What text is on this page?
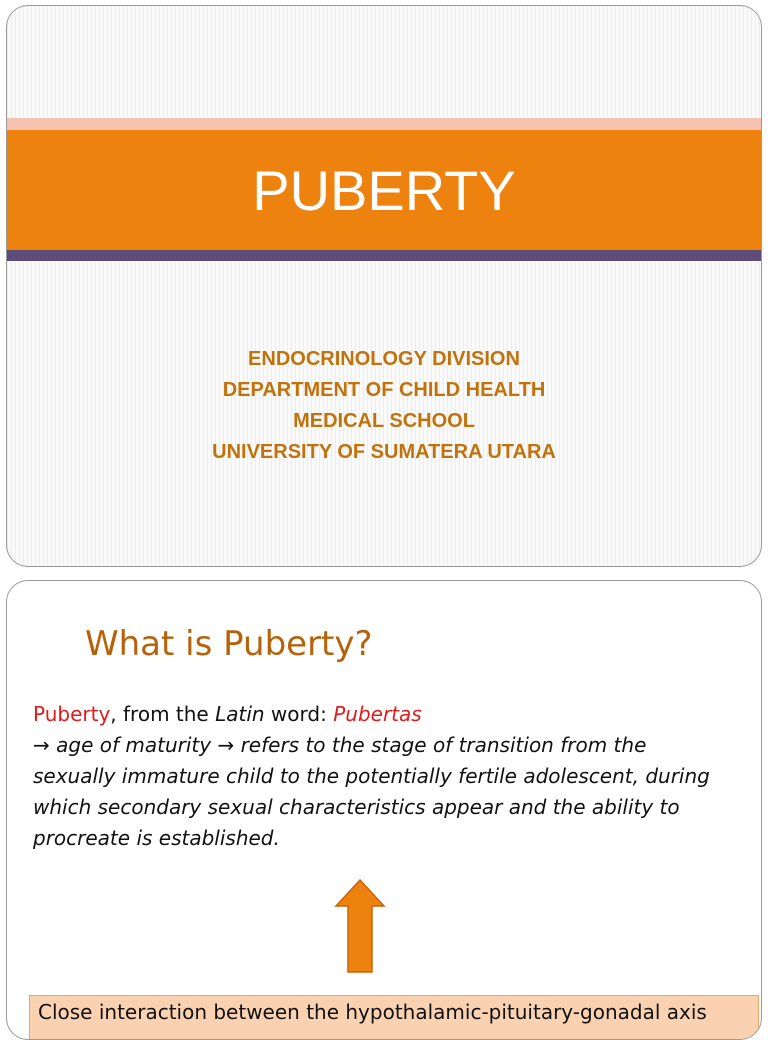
PUBERTY
ENDOCRINOLOGY DIVISION
DEPARTMENT OF CHILD HEALTH
MEDICAL SCHOOL
UNIVERSITY OF SUMATERA UTARA
What is Puberty?
Puberty, from the Latin word: Pubertas
→ age of maturity → refers to the stage of transition from the sexually immature child to the potentially fertile adolescent, during which secondary sexual characteristics appear and the ability to procreate is established.
Close interaction between the hypothalamic-pituitary-gonadal axis
